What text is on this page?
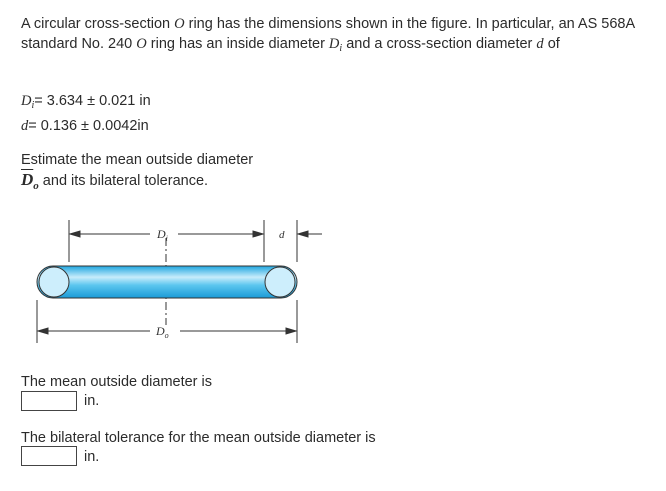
A circular cross-section O ring has the dimensions shown in the figure. In particular, an AS 568A standard No. 240 O ring has an inside diameter $D_i$ and a cross-section diameter d of

$D_i= 3.634 \pm 0.021$ in
d= 0.136 ± 0.0042in
Estimate the mean outside diameter
$\overline{D}_o$ and its bilateral tolerance.
$D_i$	d
$D_o$
The mean outside diameter is
in.
The bilateral tolerance for the mean outside diameter is
in.
